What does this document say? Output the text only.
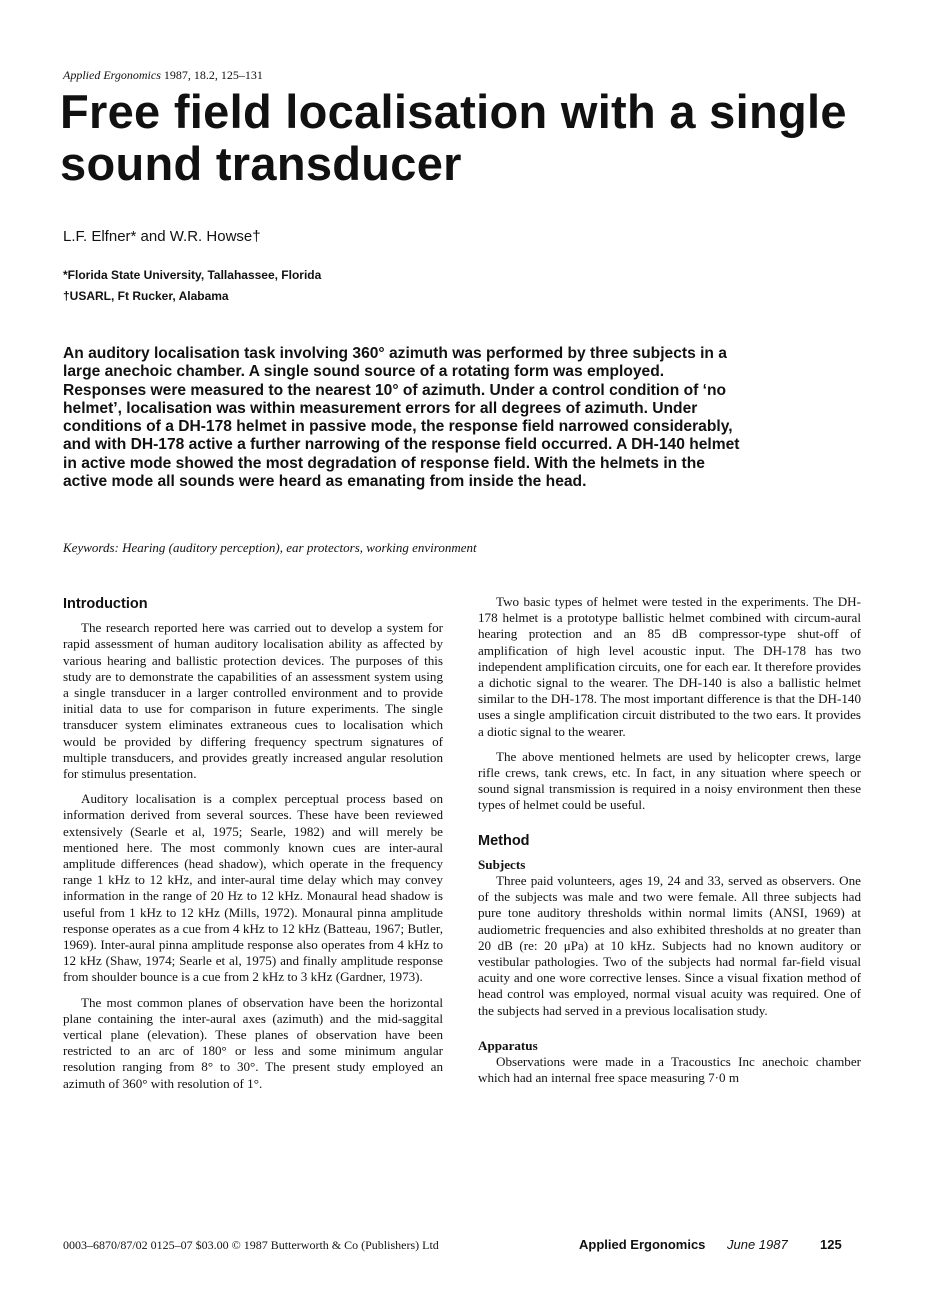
Applied Ergonomics 1987, 18.2, 125–131
Free field localisation with a single sound transducer
L.F. Elfner* and W.R. Howse†
*Florida State University, Tallahassee, Florida
†USARL, Ft Rucker, Alabama

An auditory localisation task involving 360° azimuth was performed by three subjects in a large anechoic chamber. A single sound source of a rotating form was employed. Responses were measured to the nearest 10° of azimuth. Under a control condition of ‘no helmet’, localisation was within measurement errors for all degrees of azimuth. Under conditions of a DH-178 helmet in passive mode, the response field narrowed considerably, and with DH-178 active a further narrowing of the response field occurred. A DH-140 helmet in active mode showed the most degradation of response field. With the helmets in the active mode all sounds were heard as emanating from inside the head.

Keywords: Hearing (auditory perception), ear protectors, working environment
Introduction

The research reported here was carried out to develop a system for rapid assessment of human auditory localisation ability as affected by various hearing and ballistic protection devices. The purposes of this study are to demonstrate the capabilities of an assessment system using a single transducer in a larger controlled environment and to provide initial data to use for comparison in future experiments. The single transducer system eliminates extraneous cues to localisation which would be provided by differing frequency spectrum signatures of multiple transducers, and provides greatly increased angular resolution for stimulus presentation.

Auditory localisation is a complex perceptual process based on information derived from several sources. These have been reviewed extensively (Searle et al, 1975; Searle, 1982) and will merely be mentioned here. The most commonly known cues are inter-aural amplitude differences (head shadow), which operate in the frequency range 1 kHz to 12 kHz, and inter-aural time delay which may convey information in the range of 20 Hz to 12 kHz. Monaural head shadow is useful from 1 kHz to 12 kHz (Mills, 1972). Monaural pinna amplitude response operates as a cue from 4 kHz to 12 kHz (Batteau, 1967; Butler, 1969). Inter-aural pinna amplitude response also operates from 4 kHz to 12 kHz (Shaw, 1974; Searle et al, 1975) and finally amplitude response from shoulder bounce is a cue from 2 kHz to 3 kHz (Gardner, 1973).

The most common planes of observation have been the horizontal plane containing the inter-aural axes (azimuth) and the mid-saggital vertical plane (elevation). These planes of observation have been restricted to an arc of 180° or less and some minimum angular resolution ranging from 8° to 30°. The present study employed an azimuth of 360° with resolution of 1°.

Two basic types of helmet were tested in the experiments. The DH-178 helmet is a prototype ballistic helmet combined with circum-aural hearing protection and an 85 dB compressor-type shut-off of amplification of high level acoustic input. The DH-178 has two independent amplification circuits, one for each ear. It therefore provides a dichotic signal to the wearer. The DH-140 is also a ballistic helmet similar to the DH-178. The most important difference is that the DH-140 uses a single amplification circuit distributed to the two ears. It provides a diotic signal to the wearer.

The above mentioned helmets are used by helicopter crews, large rifle crews, tank crews, etc. In fact, in any situation where speech or sound signal transmission is required in a noisy environment then these types of helmet could be useful.

Method
Subjects

Three paid volunteers, ages 19, 24 and 33, served as observers. One of the subjects was male and two were female. All three subjects had pure tone auditory thresholds within normal limits (ANSI, 1969) at audiometric frequencies and also exhibited thresholds at no greater than 20 dB (re: 20 μPa) at 10 kHz. Subjects had no known auditory or vestibular pathologies. Two of the subjects had normal far-field visual acuity and one wore corrective lenses. Since a visual fixation method of head control was employed, normal visual acuity was required. One of the subjects had served in a previous localisation study.

Apparatus

Observations were made in a Tracoustics Inc anechoic chamber which had an internal free space measuring 7·0 m

0003–6870/87/02 0125–07 $03.00 © 1987 Butterworth & Co (Publishers) Ltd	Applied Ergonomics June 1987 125
